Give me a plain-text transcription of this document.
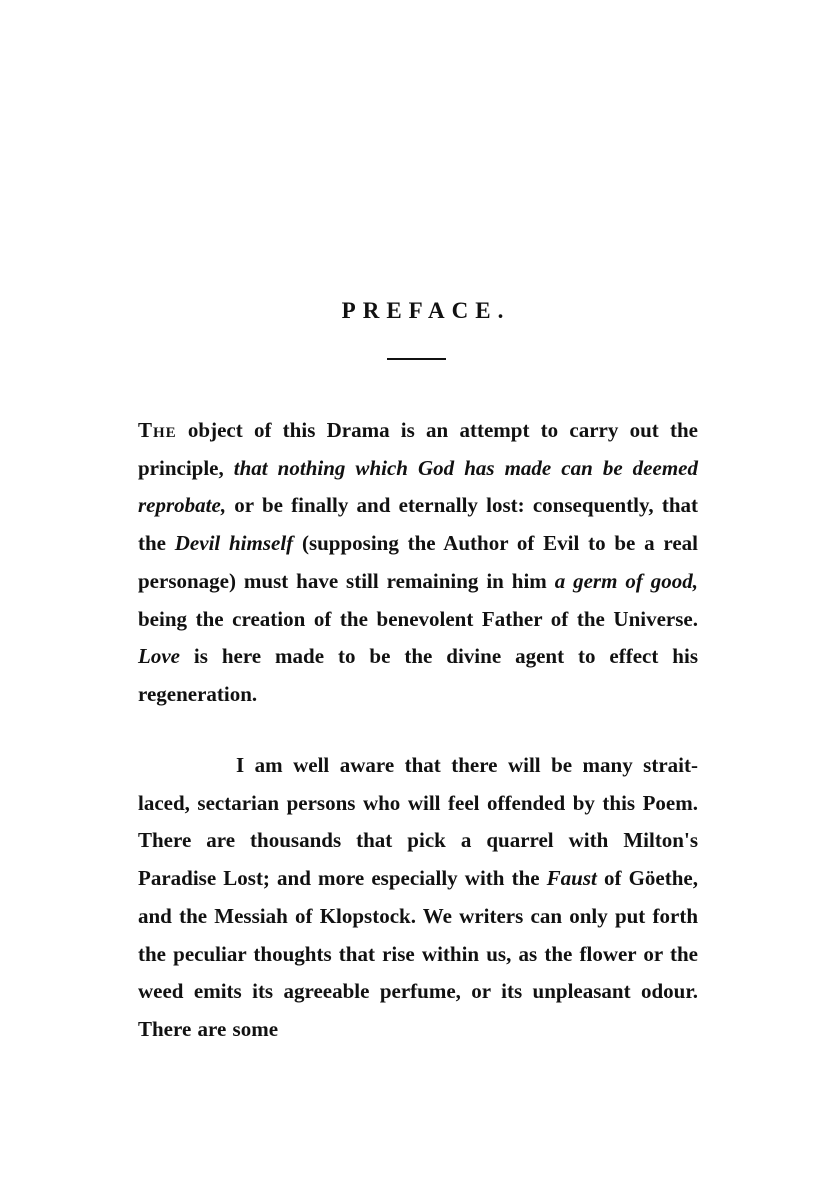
PREFACE.

The object of this Drama is an attempt to carry out the principle, that nothing which God has made can be deemed reprobate, or be finally and eternally lost: consequently, that the Devil himself (supposing the Author of Evil to be a real personage) must have still remaining in him a germ of good, being the creation of the benevolent Father of the Universe. Love is here made to be the divine agent to effect his regeneration.

I am well aware that there will be many strait-laced, sectarian persons who will feel offended by this Poem. There are thousands that pick a quarrel with Milton's Paradise Lost; and more especially with the Faust of Göethe, and the Messiah of Klopstock. We writers can only put forth the peculiar thoughts that rise within us, as the flower or the weed emits its agreeable perfume, or its unpleasant odour. There are some
